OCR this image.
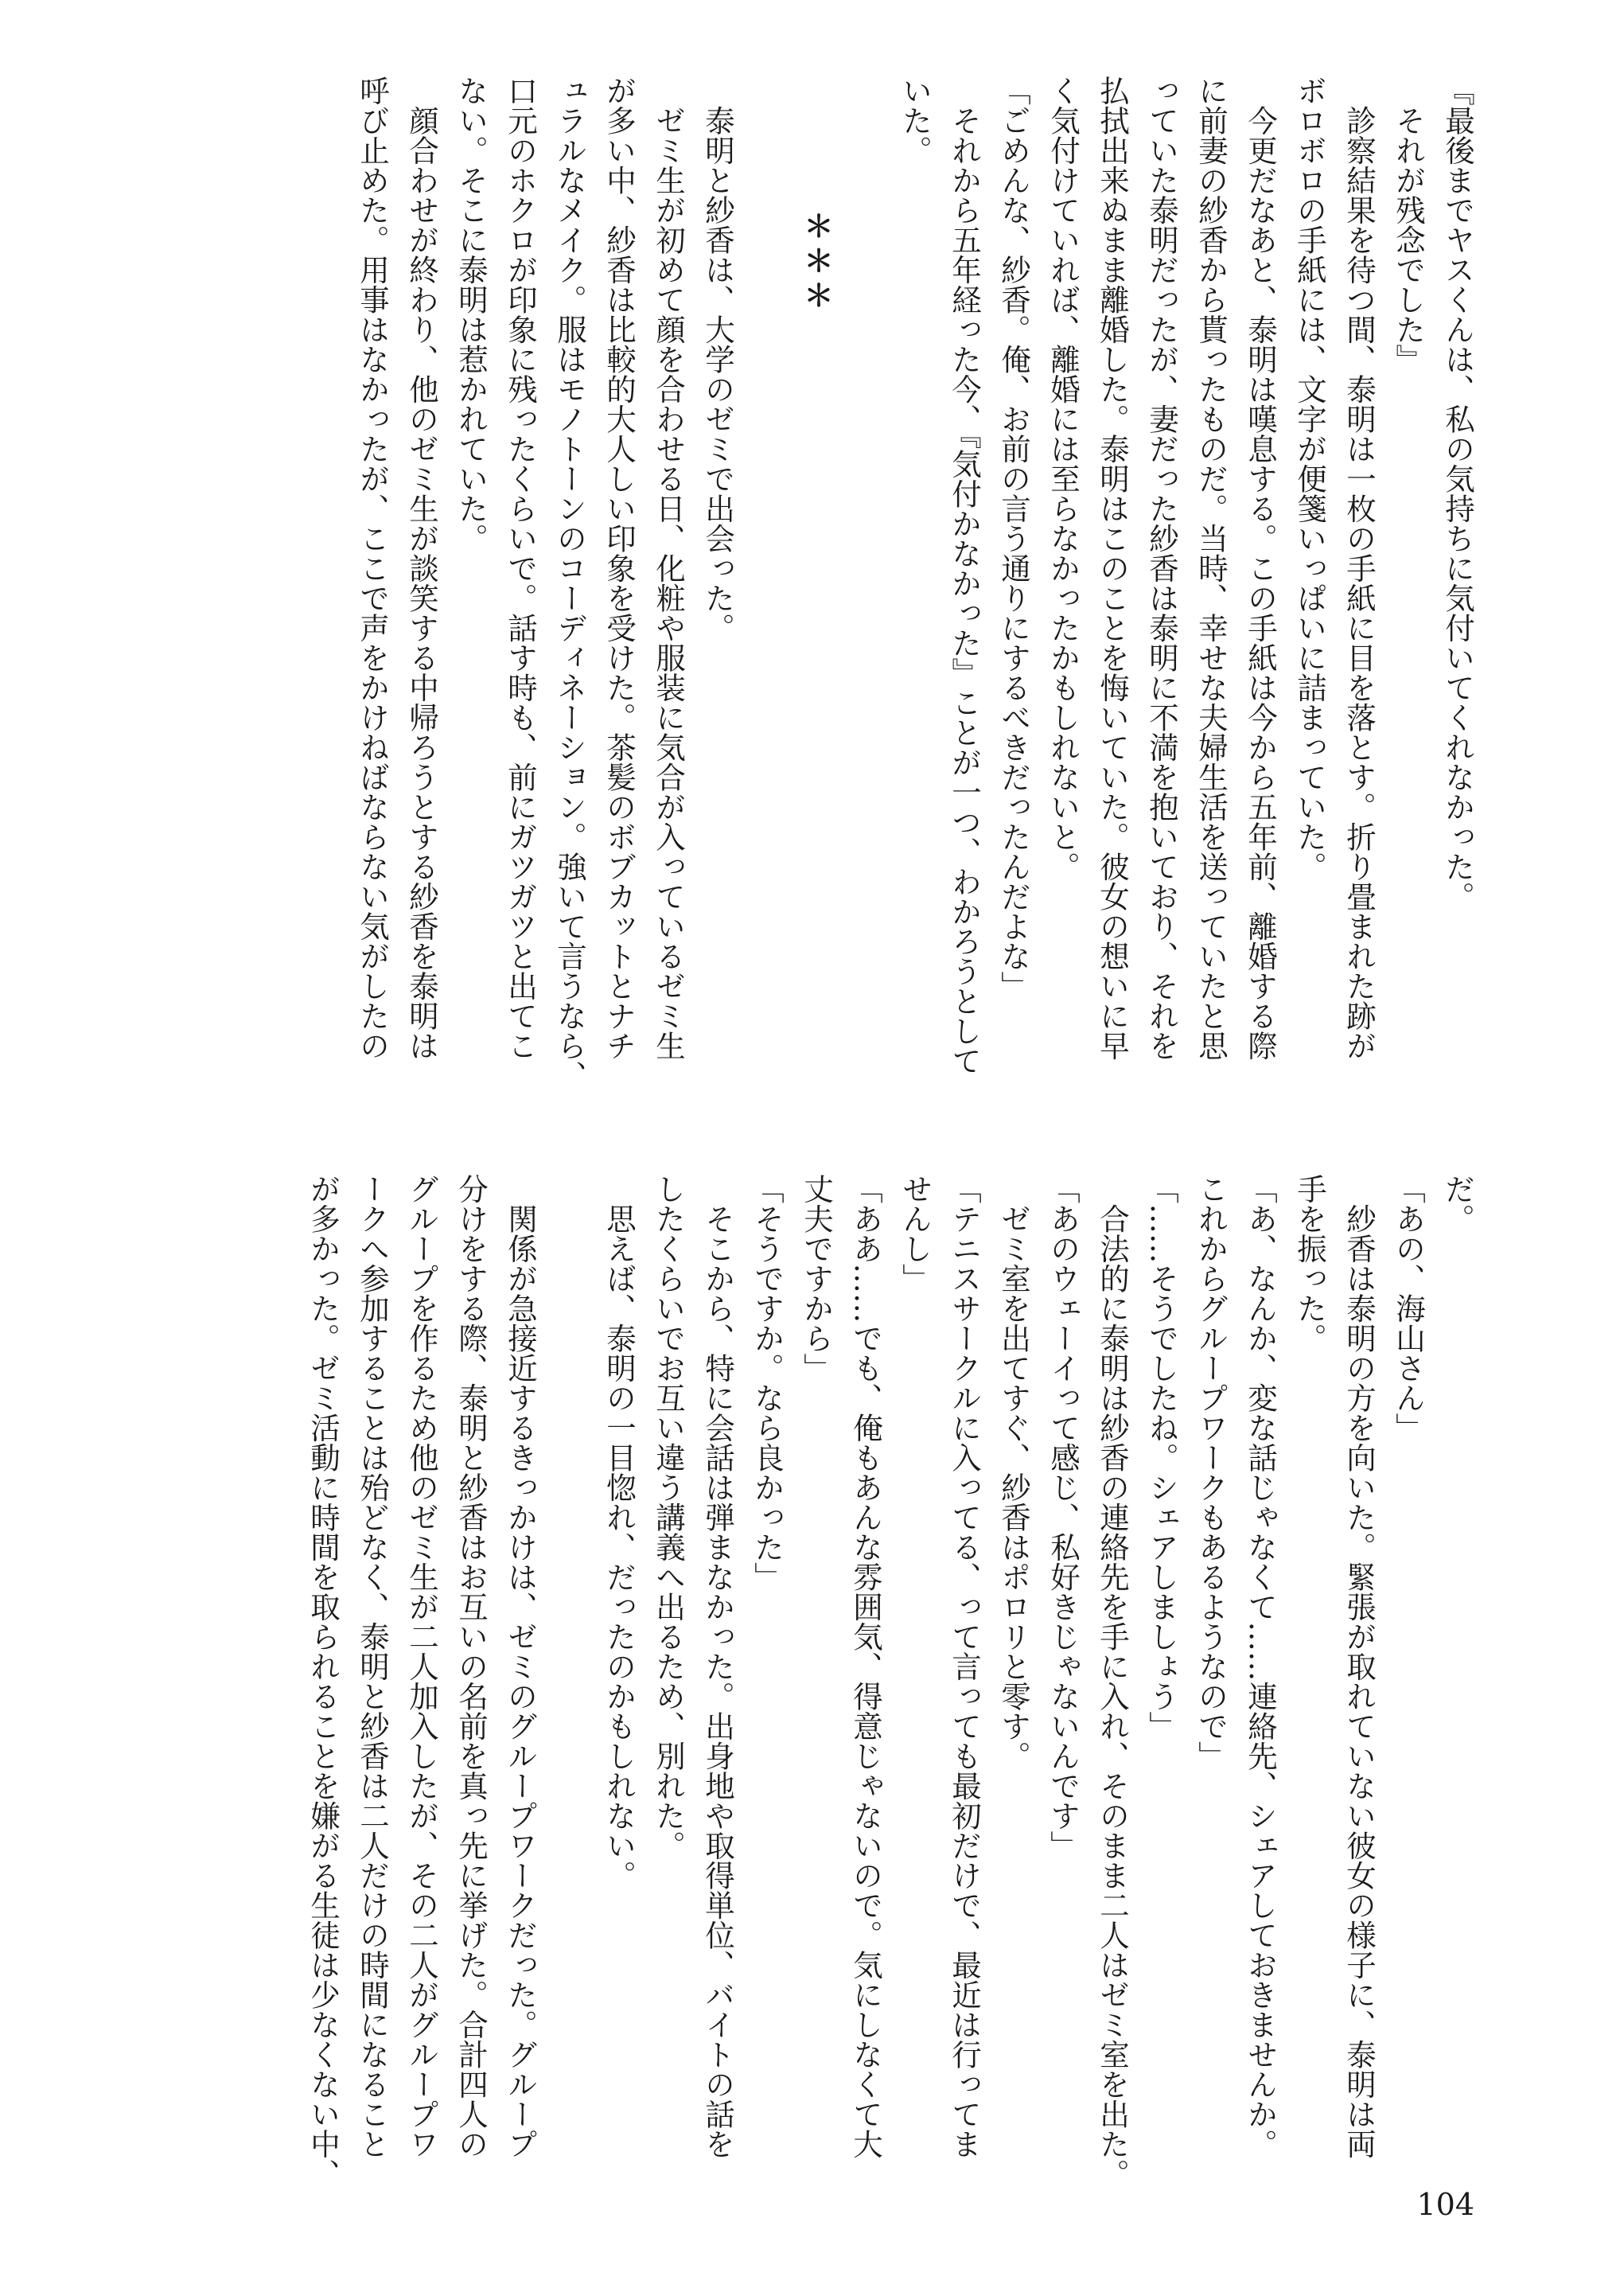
『最後までヤスくんは、私の気持ちに気付いてくれなかった。

　それが残念でした』

　診察結果を待つ間、泰明は一枚の手紙に目を落とす。折り畳まれた跡が

ボロボロの手紙には、文字が便箋いっぱいに詰まっていた。

　今更だなあと、泰明は嘆息する。この手紙は今から五年前、離婚する際

に前妻の紗香から貰ったものだ。当時、幸せな夫婦生活を送っていたと思

っていた泰明だったが、妻だった紗香は泰明に不満を抱いており、それを

払拭出来ぬまま離婚した。泰明はこのことを悔いていた。彼女の想いに早

く気付けていれば、離婚には至らなかったかもしれないと。

「ごめんな、紗香。俺、お前の言う通りにするべきだったんだよな」

　それから五年経った今、『気付かなかった』ことが一つ、わかろうとして

いた。

＊＊＊

　泰明と紗香は、大学のゼミで出会った。

　ゼミ生が初めて顔を合わせる日、化粧や服装に気合が入っているゼミ生

が多い中、紗香は比較的大人しい印象を受けた。茶髪のボブカットとナチ

ュラルなメイク。服はモノトーンのコーディネーション。強いて言うなら、

口元のホクロが印象に残ったくらいで。話す時も、前にガツガツと出てこ

ない。そこに泰明は惹かれていた。

　顔合わせが終わり、他のゼミ生が談笑する中帰ろうとする紗香を泰明は

呼び止めた。用事はなかったが、ここで声をかけねばならない気がしたの

だ。

「あの、海山さん」

　紗香は泰明の方を向いた。緊張が取れていない彼女の様子に、泰明は両

手を振った。

「あ、なんか、変な話じゃなくて……連絡先、シェアしておきませんか。

これからグループワークもあるようなので」

「……そうでしたね。シェアしましょう」

　合法的に泰明は紗香の連絡先を手に入れ、そのまま二人はゼミ室を出た。

「あのウェーイって感じ、私好きじゃないんです」

　ゼミ室を出てすぐ、紗香はポロリと零す。

「テニスサークルに入ってる、って言っても最初だけで、最近は行ってま

せんし」

「ああ……でも、俺もあんな雰囲気、得意じゃないので。気にしなくて大

丈夫ですから」

「そうですか。なら良かった」

　そこから、特に会話は弾まなかった。出身地や取得単位、バイトの話を

したくらいでお互い違う講義へ出るため、別れた。

　思えば、泰明の一目惚れ、だったのかもしれない。

　関係が急接近するきっかけは、ゼミのグループワークだった。グループ

分けをする際、泰明と紗香はお互いの名前を真っ先に挙げた。合計四人の

グループを作るため他のゼミ生が二人加入したが、その二人がグループワ

ークへ参加することは殆どなく、泰明と紗香は二人だけの時間になること

が多かった。ゼミ活動に時間を取られることを嫌がる生徒は少なくない中、

104
